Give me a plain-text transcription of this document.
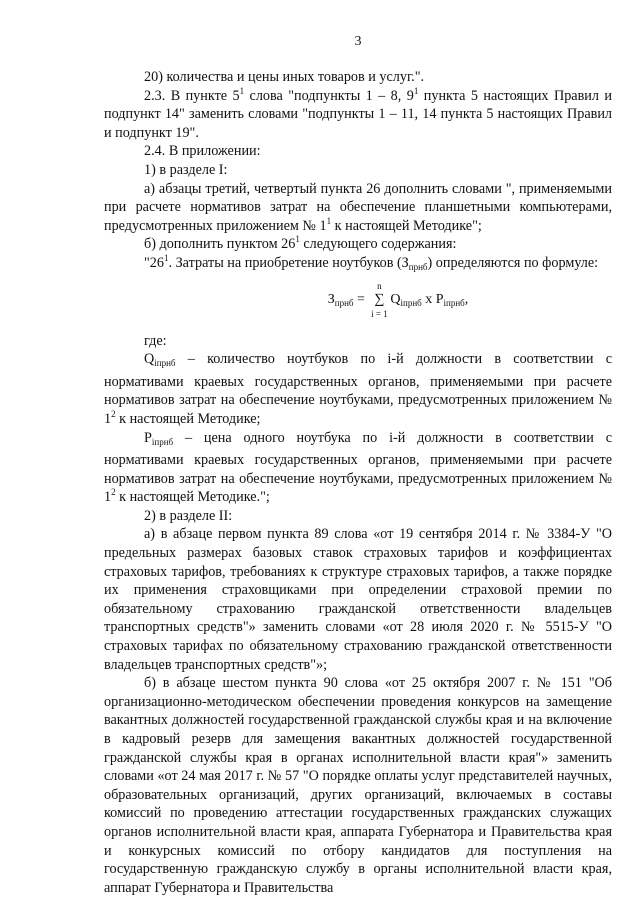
3

20) количества и цены иных товаров и услуг.".

2.3. В пункте $5^1$ слова "подпункты 1 – 8, $9^1$ пункта 5 настоящих Правил и подпункт 14" заменить словами "подпункты 1 – 11, 14 пункта 5 настоящих Правил и подпункт 19".

2.4. В приложении:

1) в разделе I:

а) абзацы третий, четвертый пункта 26 дополнить словами ", применяемыми при расчете нормативов затрат на обеспечение планшетными компьютерами, предусмотренных приложением № $1^1$ к настоящей Методике";

б) дополнить пунктом $26^1$ следующего содержания:

"$26^1$. Затраты на приобретение ноутбуков $(З_{прнб})$ определяются по формуле:

$З_{прнб}$ =
n
∑
i = 1
$Q_{iпрнб}$ x $P_{iпрнб}$,

где:

$Q_{iпрнб}$ – количество ноутбуков по i-й должности в соответствии с нормативами краевых государственных органов, применяемыми при расчете нормативов затрат на обеспечение ноутбуками, предусмотренных приложением № $1^2$ к настоящей Методике;

$P_{iпрнб}$ – цена одного ноутбука по i-й должности в соответствии с нормативами краевых государственных органов, применяемыми при расчете нормативов затрат на обеспечение ноутбуками, предусмотренных приложением № $1^2$ к настоящей Методике.";

2) в разделе II:

а) в абзаце первом пункта 89 слова «от 19 сентября 2014 г. № 3384-У "О предельных размерах базовых ставок страховых тарифов и коэффициентах страховых тарифов, требованиях к структуре страховых тарифов, а также порядке их применения страховщиками при определении страховой премии по обязательному страхованию гражданской ответственности владельцев транспортных средств"» заменить словами «от 28 июля 2020 г. № 5515-У "О страховых тарифах по обязательному страхованию гражданской ответственности владельцев транспортных средств"»;

б) в абзаце шестом пункта 90 слова «от 25 октября 2007 г. № 151 "Об организационно-методическом обеспечении проведения конкурсов на замещение вакантных должностей государственной гражданской службы края и на включение в кадровый резерв для замещения вакантных должностей государственной гражданской службы края в органах исполнительной власти края"» заменить словами «от 24 мая 2017 г. № 57 "О порядке оплаты услуг представителей научных, образовательных организаций, других организаций, включаемых в составы комиссий по проведению аттестации государственных гражданских служащих органов исполнительной власти края, аппарата Губернатора и Правительства края и конкурсных комиссий по отбору кандидатов для поступления на государственную гражданскую службу в органы исполнительной власти края, аппарат Губернатора и Правительства
